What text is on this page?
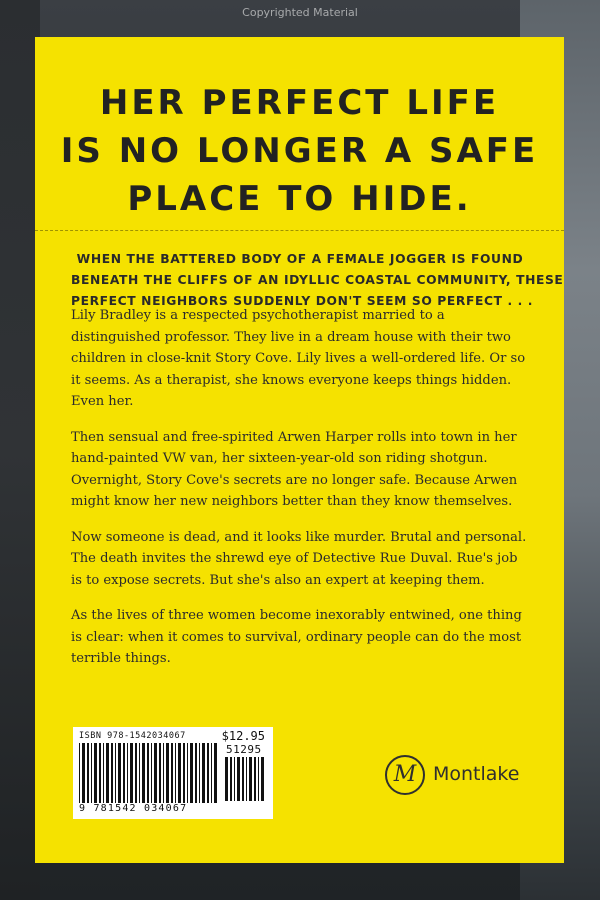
Copyrighted Material
HER PERFECT LIFE
IS NO LONGER A SAFE
PLACE TO HIDE.
WHEN THE BATTERED BODY OF A FEMALE JOGGER IS FOUND
BENEATH THE CLIFFS OF AN IDYLLIC COASTAL COMMUNITY, THESE
PERFECT NEIGHBORS SUDDENLY DON'T SEEM SO PERFECT . . .

Lily Bradley is a respected psychotherapist married to a distinguished professor. They live in a dream house with their two children in close-knit Story Cove. Lily lives a well-ordered life. Or so it seems. As a therapist, she knows everyone keeps things hidden. Even her.

Then sensual and free-spirited Arwen Harper rolls into town in her hand-painted VW van, her sixteen-year-old son riding shotgun. Overnight, Story Cove's secrets are no longer safe. Because Arwen might know her new neighbors better than they know themselves.

Now someone is dead, and it looks like murder. Brutal and personal. The death invites the shrewd eye of Detective Rue Duval. Rue's job is to expose secrets. But she's also an expert at keeping them.

As the lives of three women become inexorably entwined, one thing is clear: when it comes to survival, ordinary people can do the most terrible things.

ISBN 978-1542034067	$12.95
51295
9 781542 034067
M Montlake
